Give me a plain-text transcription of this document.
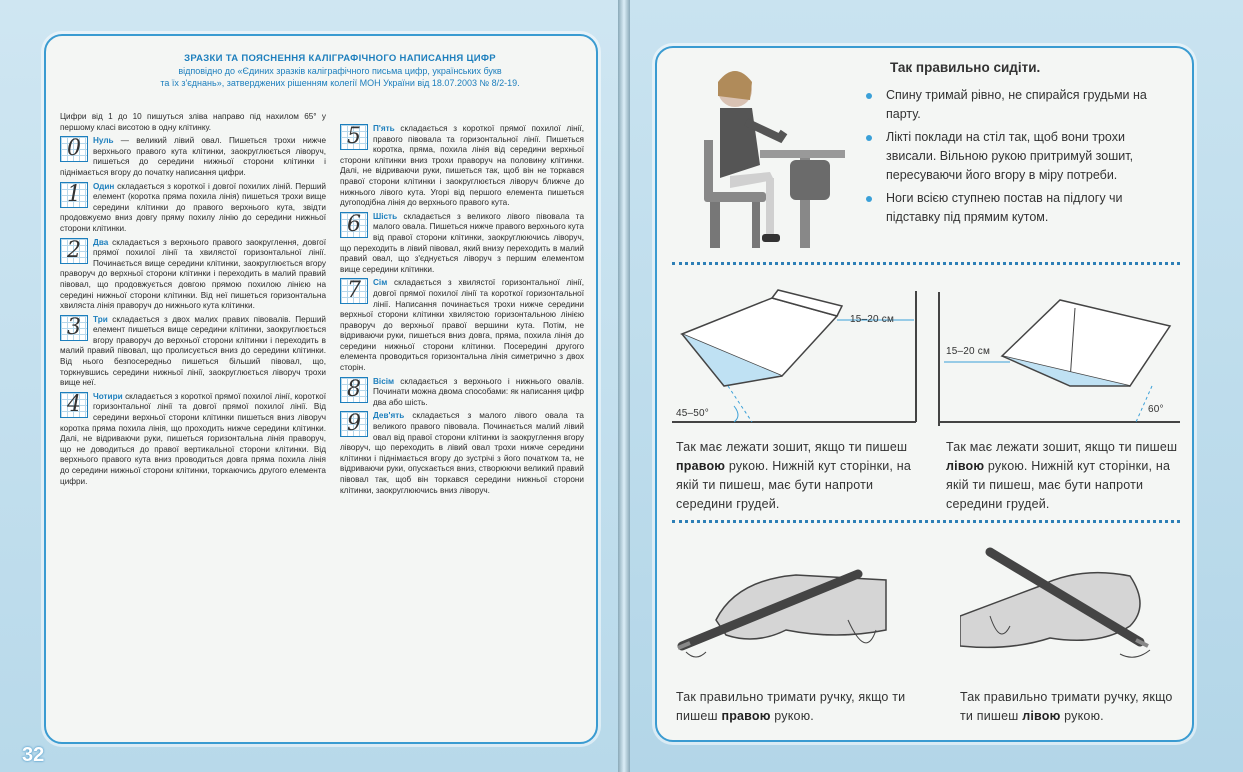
ЗРАЗКИ ТА ПОЯСНЕННЯ КАЛІГРАФІЧНОГО НАПИСАННЯ ЦИФР
відповідно до «Єдиних зразків каліграфічного письма цифр, українських букв
та їх з'єднань», затверджених рішенням колегії МОН України від 18.07.2003 № 8/2-19.
Цифри від 1 до 10 пишуться зліва направо під нахилом 65° у першому класі висотою в одну клітинку.
0	Нуль — великий лівий овал. Пишеться трохи нижче верхнього правого кута клітинки, заокруглюється ліворуч, пишеться до середини нижньої сторони клітинки і піднімається вгору до початку написання цифри.
1	Один складається з короткої і довгої похилих ліній. Перший елемент (коротка пряма похила лінія) пишеться трохи вище середини клітинки до правого верхнього кута, звідти продовжуємо вниз довгу пряму похилу лінію до середини нижньої сторони клітинки.
2	Два складається з верхнього правого заокруглення, довгої прямої похилої лінії та хвилястої горизонтальної лінії. Починається вище середини клітинки, заокруглюється вгору праворуч до верхньої сторони клітинки і переходить в малий правий півовал, що продовжується довгою прямою похилою лінією на середині нижньої сторони клітинки. Від неї пишеться горизонтальна хвиляста лінія праворуч до нижнього кута клітинки.
3	Три складається з двох малих правих півовалів. Перший елемент пишеться вище середини клітинки, заокруглюється вгору праворуч до верхньої сторони клітинки і переходить в малий правий півовал, що пролисується вниз до середини клітинки. Від нього безпосередньо пишеться більший півовал, що, торкнувшись середини нижньої лінії, заокруглюється ліворуч трохи вище неї.
4	Чотири складається з короткої прямої похилої лінії, короткої горизонтальної лінії та довгої прямої похилої лінії. Від середини верхньої сторони клітинки пишеться вниз ліворуч коротка пряма похила лінія, що проходить нижче середини клітинки. Далі, не відриваючи руки, пишеться горизонтальна лінія праворуч, що не доводиться до правої вертикальної сторони клітинки. Від верхнього правого кута вниз проводиться довга пряма похила лінія до середини нижньої сторони клітинки, торкаючись другого елемента цифри.
5	П'ять складається з короткої прямої похилої лінії, правого півовала та горизонтальної лінії. Пишеться коротка, пряма, похила лінія від середини верхньої сторони клітинки вниз трохи праворуч на половину клітинки. Далі, не відриваючи руки, пишеться так, щоб він не торкався правої сторони клітинки і заокруглюється ліворуч ближче до нижнього лівого кута. Угорі від першого елемента пишеться дугоподібна лінія до верхнього правого кута.
6	Шість складається з великого лівого півовала та малого овала. Пишеться нижче правого верхнього кута від правої сторони клітинки, заокруглюючись ліворуч, що переходить в лівий півовал, який внизу переходить в малий правий овал, що з'єднується ліворуч з першим елементом вище середини клітинки.
7	Сім складається з хвилястої горизонтальної лінії, довгої прямої похилої лінії та короткої горизонтальної лінії. Написання починається трохи нижче середини верхньої сторони клітинки хвилястою горизонтальною лінією праворуч до верхньої правої вершини кута. Потім, не відриваючи руки, пишеться вниз довга, пряма, похила лінія до середини нижньої сторони клітинки. Посередині другого елемента проводиться горизонтальна лінія симетрично з двох сторін.
8	Вісім складається з верхнього і нижнього овалів. Починати можна двома способами: як написання цифр два або шість.
9	Дев'ять складається з малого лівого овала та великого правого півовала. Починається малий лівий овал від правої сторони клітинки із заокруглення вгору ліворуч, що переходить в лівий овал трохи нижче середини клітинки і піднімається вгору до зустрічі з його початком та, не відриваючи руки, опускається вниз, створюючи великий правий півовал так, щоб він торкався середини нижньої сторони клітинки, заокруглюючись вниз ліворуч.
32
Так правильно сидіти.
Спину тримай рівно, не спирайся грудьми на парту.
Лікті поклади на стіл так, щоб вони трохи звисали. Вільною рукою притримуй зошит, пересуваючи його вгору в міру потреби.
Ноги всією ступнею постав на підлогу чи підставку під прямим кутом.
15–20 см
45–50°
15–20 см
60°
Так має лежати зошит, якщо ти пишеш правою рукою. Нижній кут сторінки, на якій ти пишеш, має бути напроти середини грудей.
Так має лежати зошит, якщо ти пишеш лівою рукою. Нижній кут сторінки, на якій ти пишеш, має бути напроти середини грудей.
Так правильно тримати ручку, якщо ти пишеш правою рукою.
Так правильно тримати ручку, якщо ти пишеш лівою рукою.
